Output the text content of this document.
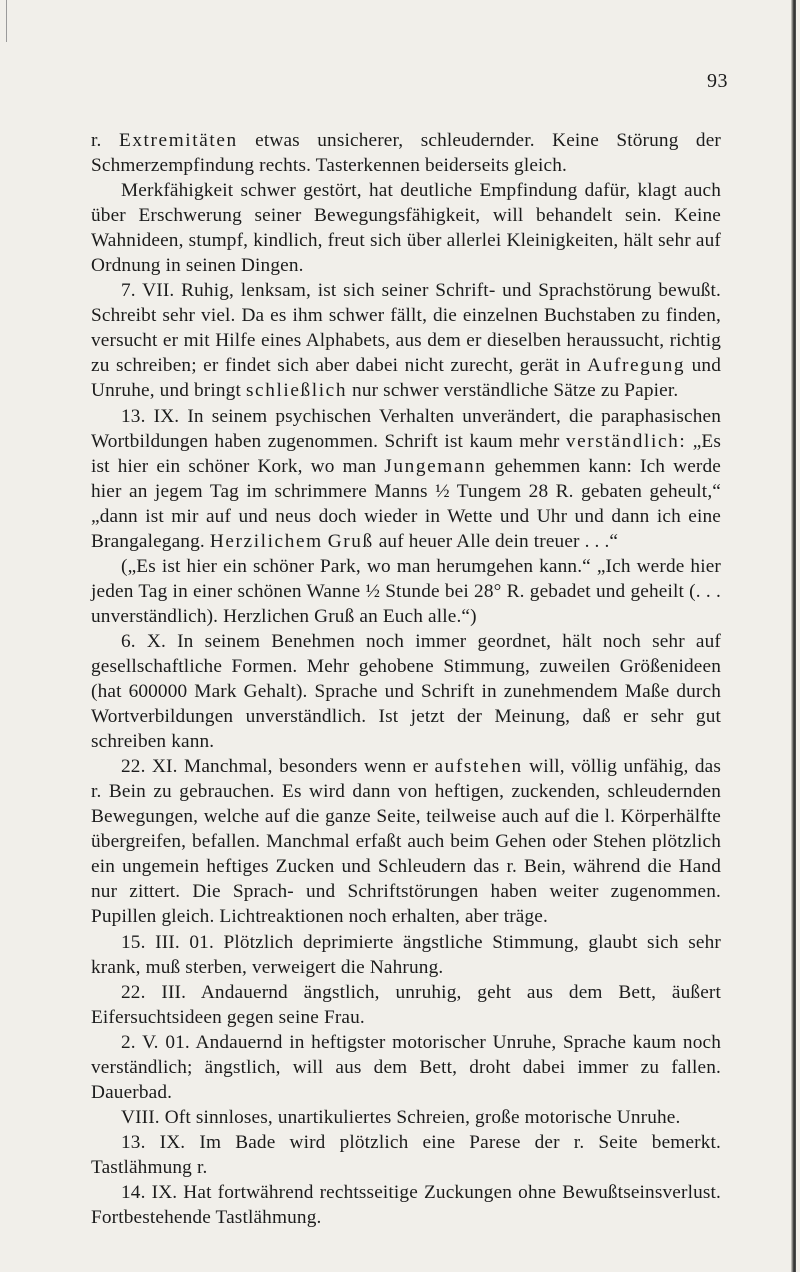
93

r. Extremitäten etwas unsicherer, schleudernder. Keine Störung der Schmerzempfindung rechts. Tasterkennen beiderseits gleich.

Merkfähigkeit schwer gestört, hat deutliche Empfindung dafür, klagt auch über Erschwerung seiner Bewegungsfähigkeit, will behandelt sein. Keine Wahnideen, stumpf, kindlich, freut sich über allerlei Kleinigkeiten, hält sehr auf Ordnung in seinen Dingen.

7. VII. Ruhig, lenksam, ist sich seiner Schrift- und Sprachstörung bewußt. Schreibt sehr viel. Da es ihm schwer fällt, die einzelnen Buchstaben zu finden, versucht er mit Hilfe eines Alphabets, aus dem er dieselben heraussucht, richtig zu schreiben; er findet sich aber dabei nicht zurecht, gerät in Aufregung und Unruhe, und bringt schließlich nur schwer verständliche Sätze zu Papier.

13. IX. In seinem psychischen Verhalten unverändert, die paraphasischen Wortbildungen haben zugenommen. Schrift ist kaum mehr verständlich: „Es ist hier ein schöner Kork, wo man Jungemann gehemmen kann: Ich werde hier an jegem Tag im schrimmere Manns ½ Tungem 28 R. gebaten geheult,“ „dann ist mir auf und neus doch wieder in Wette und Uhr und dann ich eine Brangalegang. Herzilichem Gruß auf heuer Alle dein treuer . . .“

(„Es ist hier ein schöner Park, wo man herumgehen kann.“ „Ich werde hier jeden Tag in einer schönen Wanne ½ Stunde bei 28° R. gebadet und geheilt (. . . unverständlich). Herzlichen Gruß an Euch alle.“)

6. X. In seinem Benehmen noch immer geordnet, hält noch sehr auf gesellschaftliche Formen. Mehr gehobene Stimmung, zuweilen Größenideen (hat 600000 Mark Gehalt). Sprache und Schrift in zunehmendem Maße durch Wortverbildungen unverständlich. Ist jetzt der Meinung, daß er sehr gut schreiben kann.

22. XI. Manchmal, besonders wenn er aufstehen will, völlig unfähig, das r. Bein zu gebrauchen. Es wird dann von heftigen, zuckenden, schleudernden Bewegungen, welche auf die ganze Seite, teilweise auch auf die l. Körperhälfte übergreifen, befallen. Manchmal erfaßt auch beim Gehen oder Stehen plötzlich ein ungemein heftiges Zucken und Schleudern das r. Bein, während die Hand nur zittert. Die Sprach- und Schriftstörungen haben weiter zugenommen. Pupillen gleich. Lichtreaktionen noch erhalten, aber träge.

15. III. 01. Plötzlich deprimierte ängstliche Stimmung, glaubt sich sehr krank, muß sterben, verweigert die Nahrung.

22. III. Andauernd ängstlich, unruhig, geht aus dem Bett, äußert Eifersuchtsideen gegen seine Frau.

2. V. 01. Andauernd in heftigster motorischer Unruhe, Sprache kaum noch verständlich; ängstlich, will aus dem Bett, droht dabei immer zu fallen. Dauerbad.

VIII. Oft sinnloses, unartikuliertes Schreien, große motorische Unruhe.

13. IX. Im Bade wird plötzlich eine Parese der r. Seite bemerkt. Tastlähmung r.

14. IX. Hat fortwährend rechtsseitige Zuckungen ohne Bewußtseinsverlust. Fortbestehende Tastlähmung.
